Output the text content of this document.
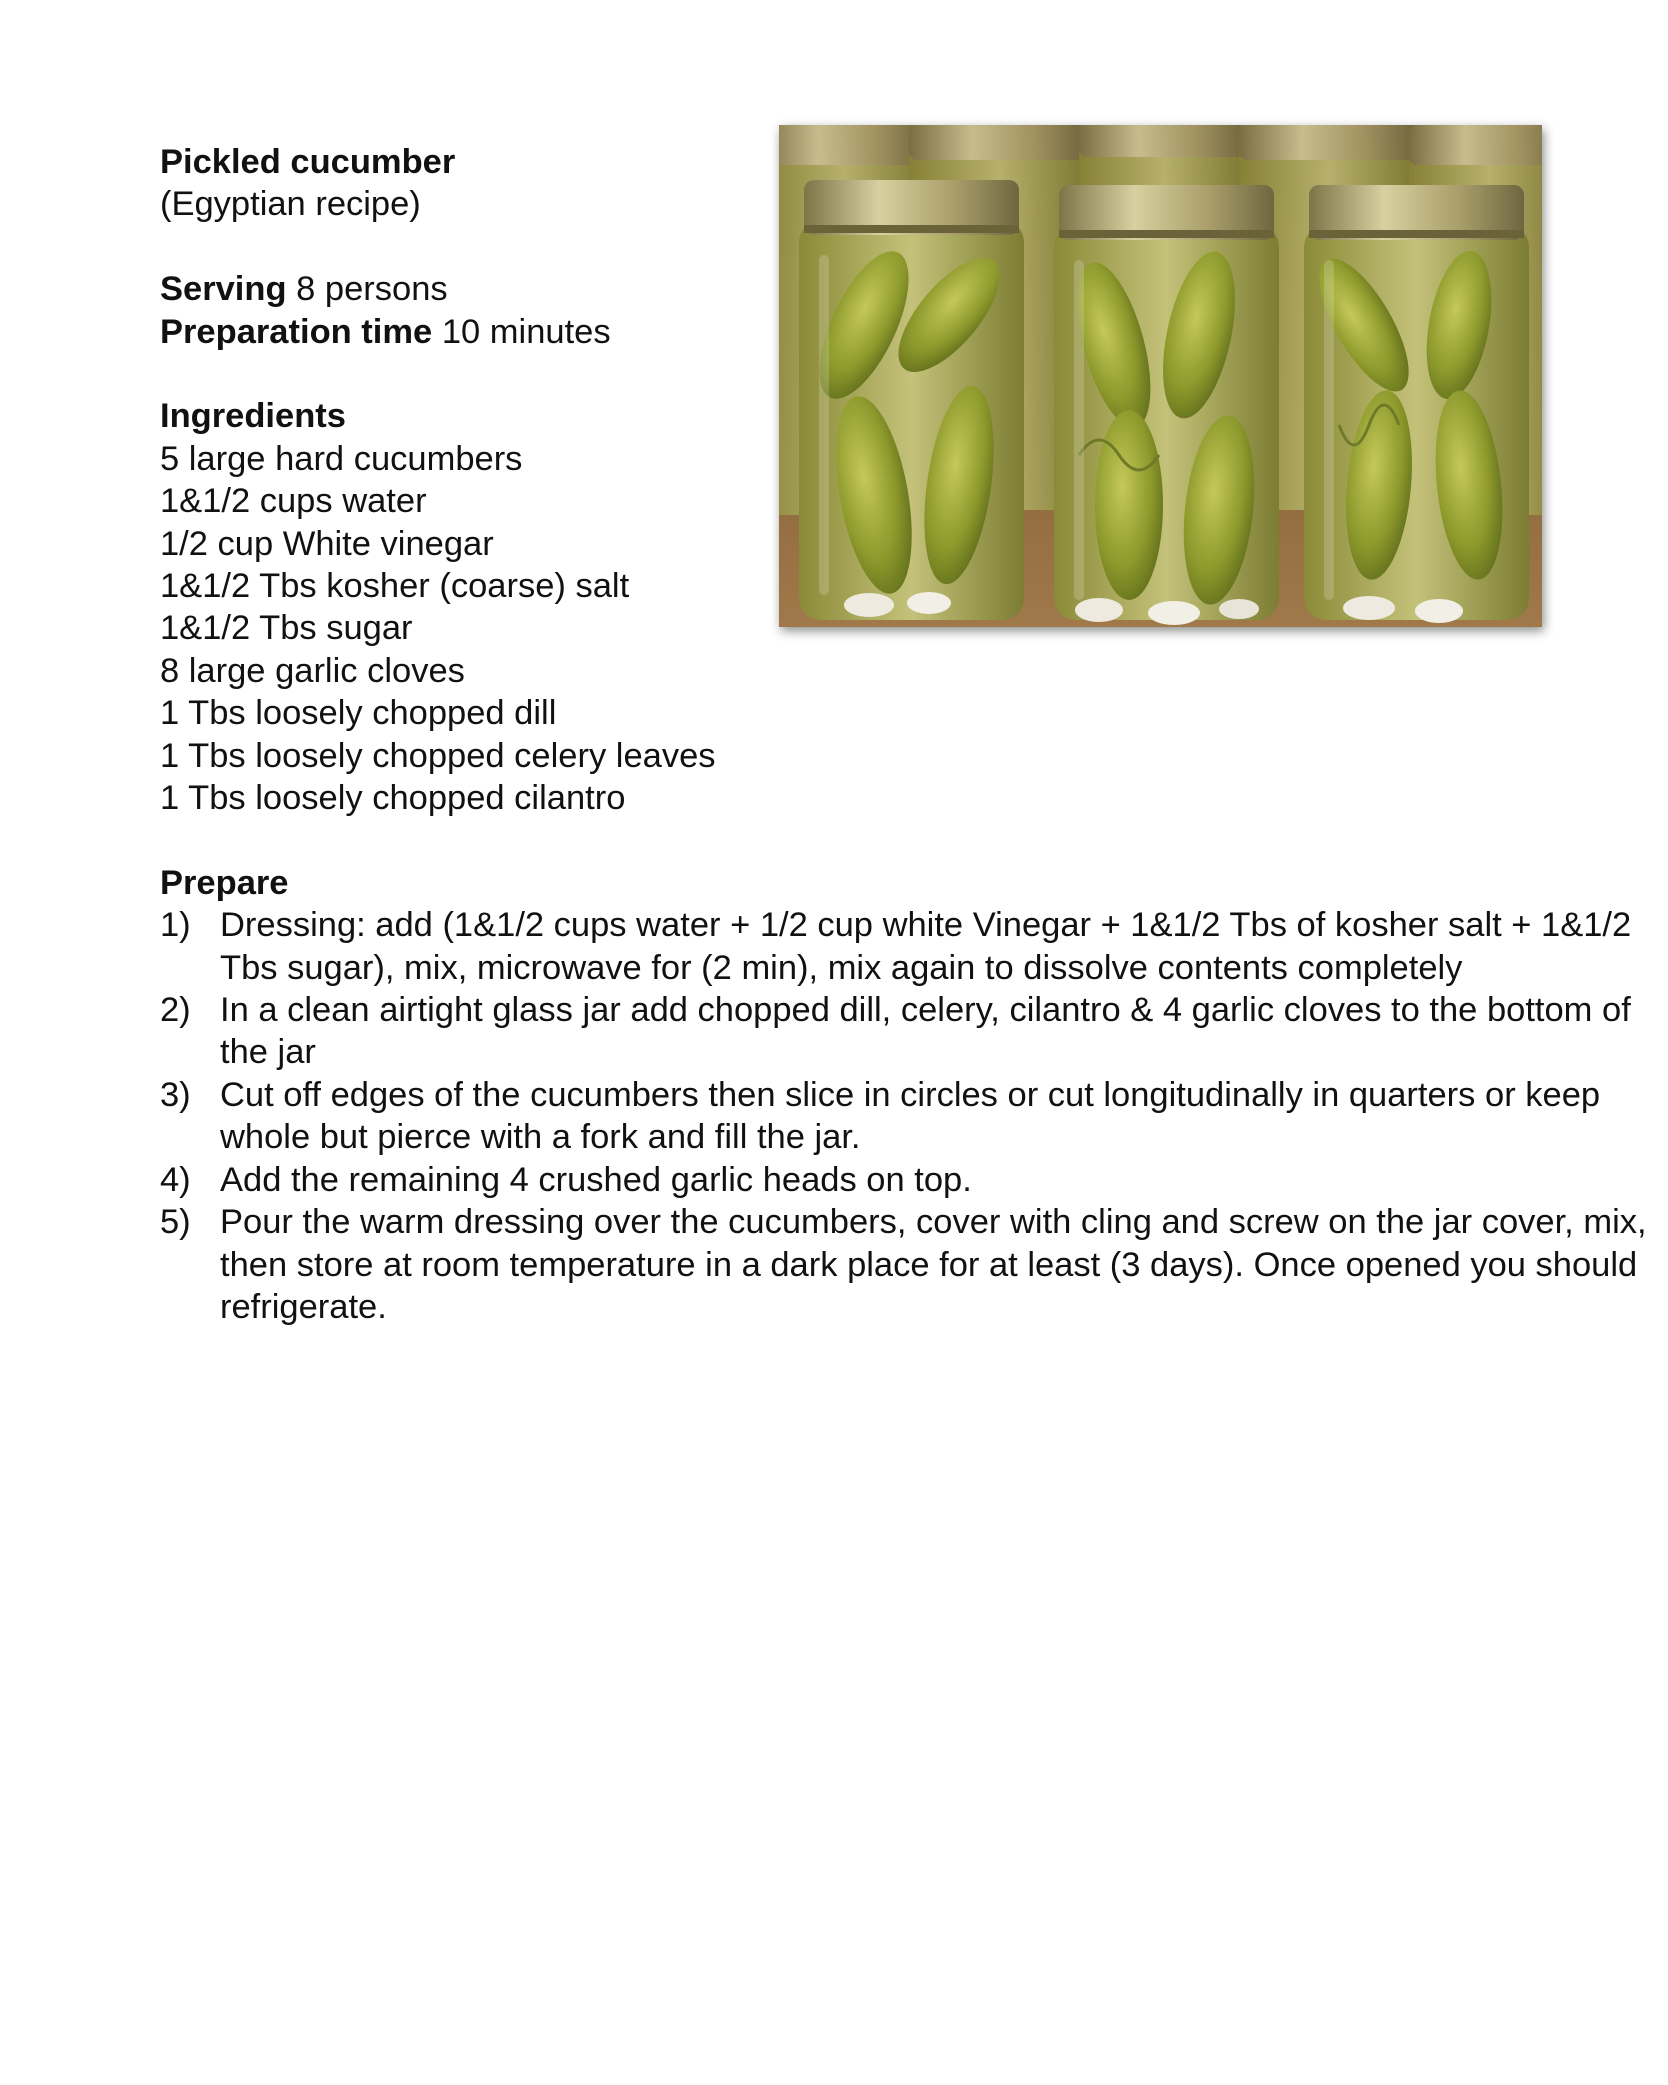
Pickled cucumber
(Egyptian recipe)
Serving 8 persons
Preparation time 10 minutes
Ingredients
5 large hard cucumbers
1&1/2 cups water
1/2 cup White vinegar
1&1/2 Tbs kosher (coarse) salt
1&1/2 Tbs sugar
8 large garlic cloves
1 Tbs loosely chopped dill
1 Tbs loosely chopped celery leaves
1 Tbs loosely chopped cilantro
Prepare
1) Dressing: add (1&1/2 cups water + 1/2 cup white Vinegar + 1&1/2 Tbs of kosher salt + 1&1/2 Tbs sugar), mix, microwave for (2 min), mix again to dissolve contents completely
2) In a clean airtight glass jar add chopped dill, celery, cilantro & 4 garlic cloves to the bottom of the jar
3) Cut off edges of the cucumbers then slice in circles or cut longitudinally in quarters or keep whole but pierce with a fork and fill the jar.
4) Add the remaining 4 crushed garlic heads on top.
5) Pour the warm dressing over the cucumbers, cover with cling and screw on the jar cover, mix, then store at room temperature in a dark place for at least (3 days). Once opened you should refrigerate.
